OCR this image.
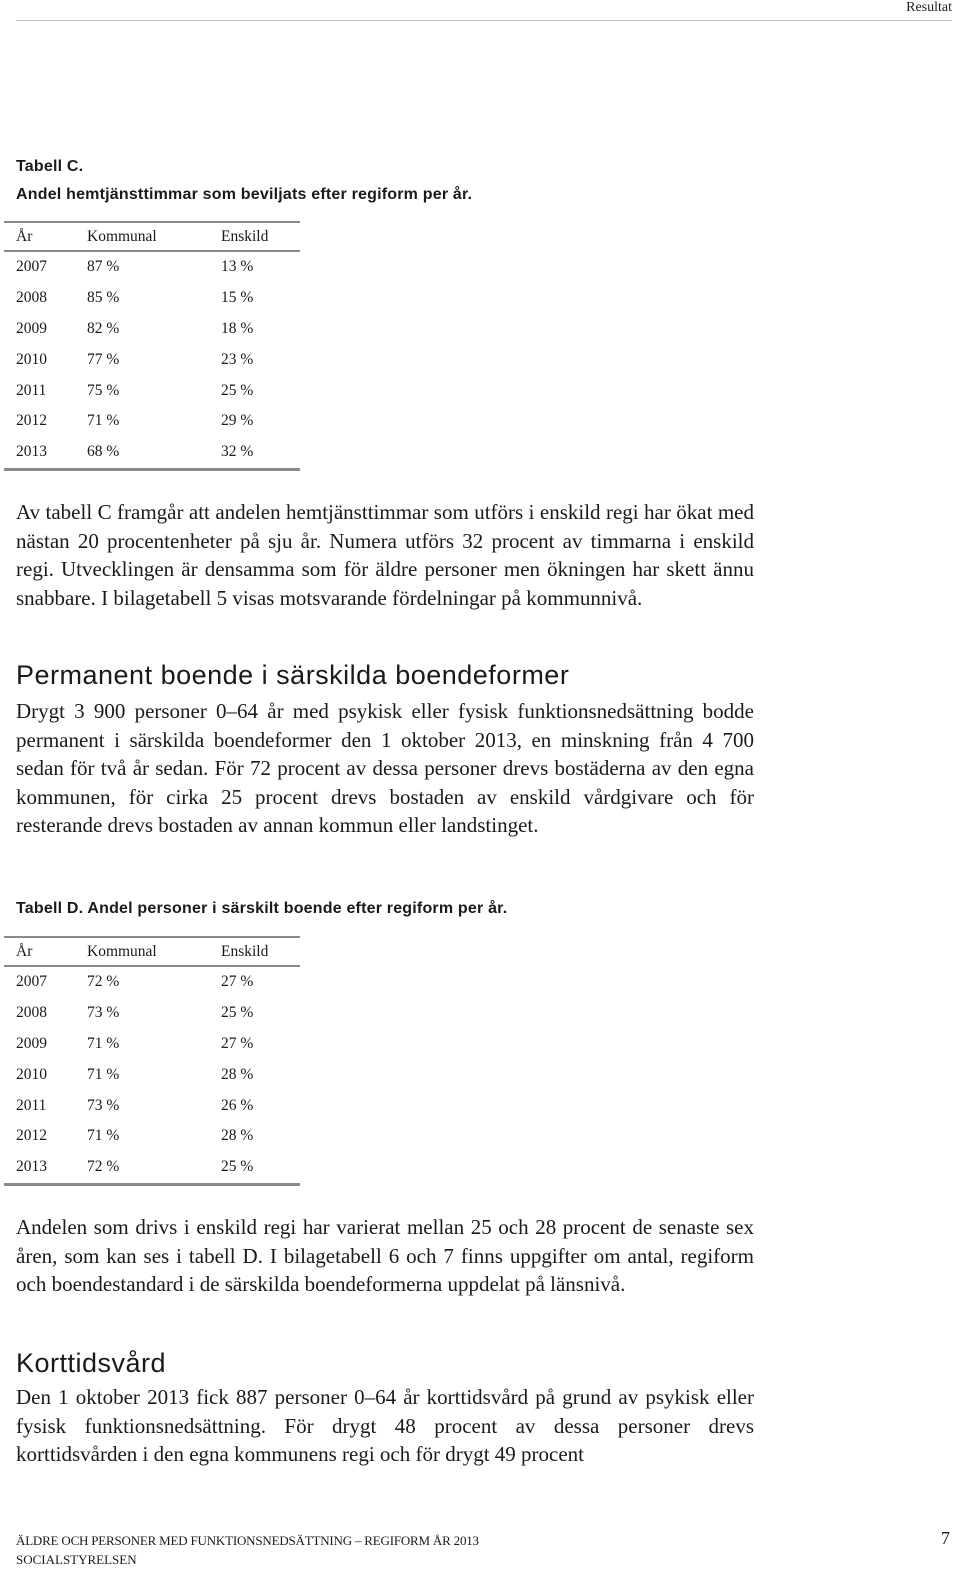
Resultat
Tabell C.
Andel hemtjänsttimmar som beviljats efter regiform per år.
År	Kommunal	Enskild
2007	87 %	13 %
2008	85 %	15 %
2009	82 %	18 %
2010	77 %	23 %
2011	75 %	25 %
2012	71 %	29 %
2013	68 %	32 %

Av tabell C framgår att andelen hemtjänsttimmar som utförs i enskild regi har ökat med nästan 20 procentenheter på sju år. Numera utförs 32 procent av timmarna i enskild regi. Utvecklingen är densamma som för äldre personer men ökningen har skett ännu snabbare. I bilagetabell 5 visas motsvarande fördelningar på kommunnivå.

Permanent boende i särskilda boendeformer

Drygt 3 900 personer 0–64 år med psykisk eller fysisk funktionsnedsättning bodde permanent i särskilda boendeformer den 1 oktober 2013, en minskning från 4 700 sedan för två år sedan. För 72 procent av dessa personer drevs bostäderna av den egna kommunen, för cirka 25 procent drevs bostaden av enskild vårdgivare och för resterande drevs bostaden av annan kommun eller landstinget.

Tabell D. Andel personer i särskilt boende efter regiform per år.
År	Kommunal	Enskild
2007	72 %	27 %
2008	73 %	25 %
2009	71 %	27 %
2010	71 %	28 %
2011	73 %	26 %
2012	71 %	28 %
2013	72 %	25 %

Andelen som drivs i enskild regi har varierat mellan 25 och 28 procent de senaste sex åren, som kan ses i tabell D. I bilagetabell 6 och 7 finns uppgifter om antal, regiform och boendestandard i de särskilda boendeformerna uppdelat på länsnivå.

Korttidsvård

Den 1 oktober 2013 fick 887 personer 0–64 år korttidsvård på grund av psykisk eller fysisk funktionsnedsättning. För drygt 48 procent av dessa personer drevs korttidsvården i den egna kommunens regi och för drygt 49 procent

ÄLDRE OCH PERSONER MED FUNKTIONSNEDSÄTTNING – REGIFORM ÅR 2013
SOCIALSTYRELSEN
7
